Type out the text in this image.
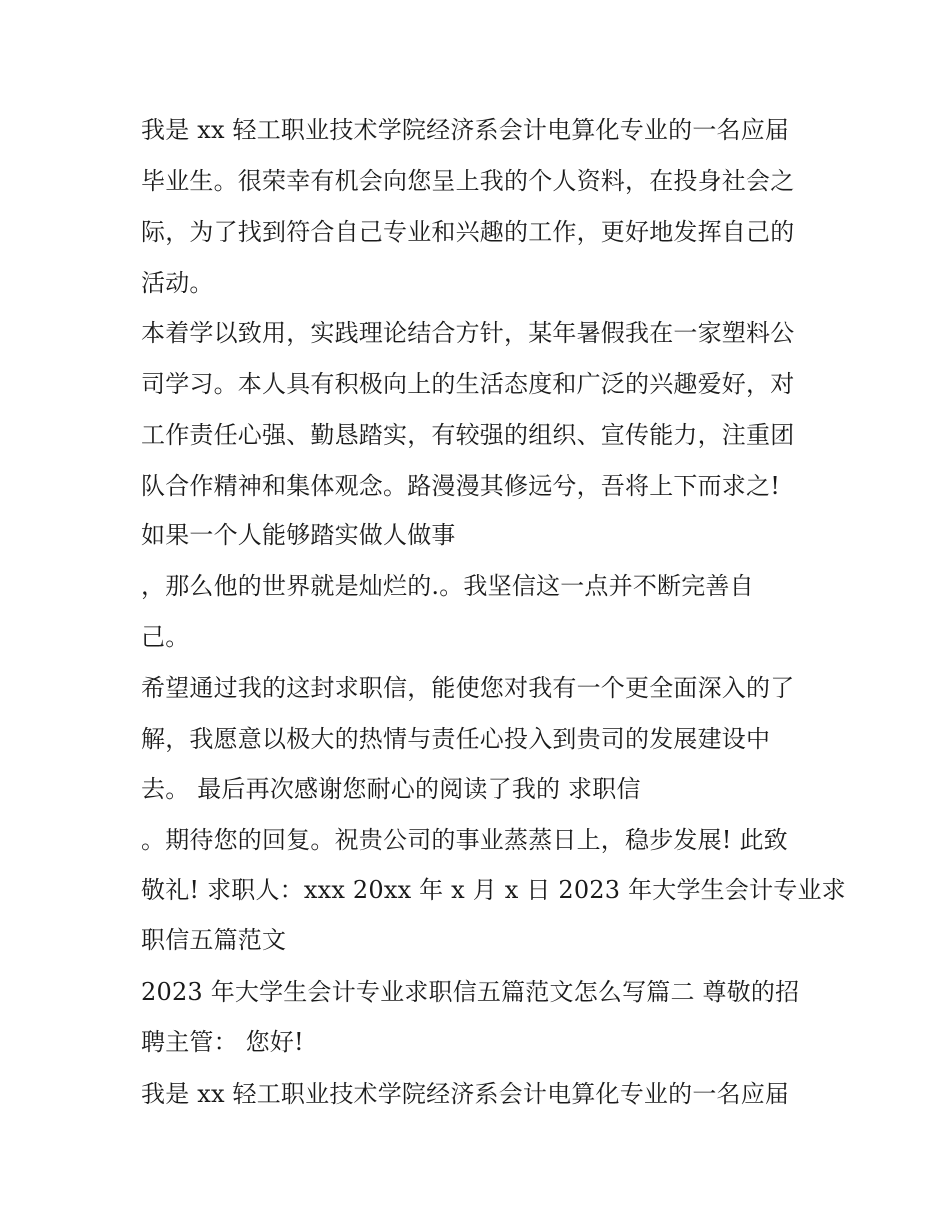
我是 xx 轻工职业技术学院经济系会计电算化专业的一名应届
毕业生。很荣幸有机会向您呈上我的个人资料，在投身社会之
际，为了找到符合自己专业和兴趣的工作，更好地发挥自己的
活动。
本着学以致用，实践理论结合方针，某年暑假我在一家塑料公
司学习。本人具有积极向上的生活态度和广泛的兴趣爱好，对
工作责任心强、勤恳踏实，有较强的组织、宣传能力，注重团
队合作精神和集体观念。路漫漫其修远兮，吾将上下而求之!
如果一个人能够踏实做人做事
，那么他的世界就是灿烂的.。我坚信这一点并不断完善自
己。
希望通过我的这封求职信，能使您对我有一个更全面深入的了
解，我愿意以极大的热情与责任心投入到贵司的发展建设中
去。 最后再次感谢您耐心的阅读了我的 求职信
。期待您的回复。祝贵公司的事业蒸蒸日上，稳步发展! 此致
敬礼! 求职人：xxx 20xx 年 x 月 x 日 2023 年大学生会计专业求
职信五篇范文
2023 年大学生会计专业求职信五篇范文怎么写篇二 尊敬的招
聘主管： 您好!
我是 xx 轻工职业技术学院经济系会计电算化专业的一名应届
